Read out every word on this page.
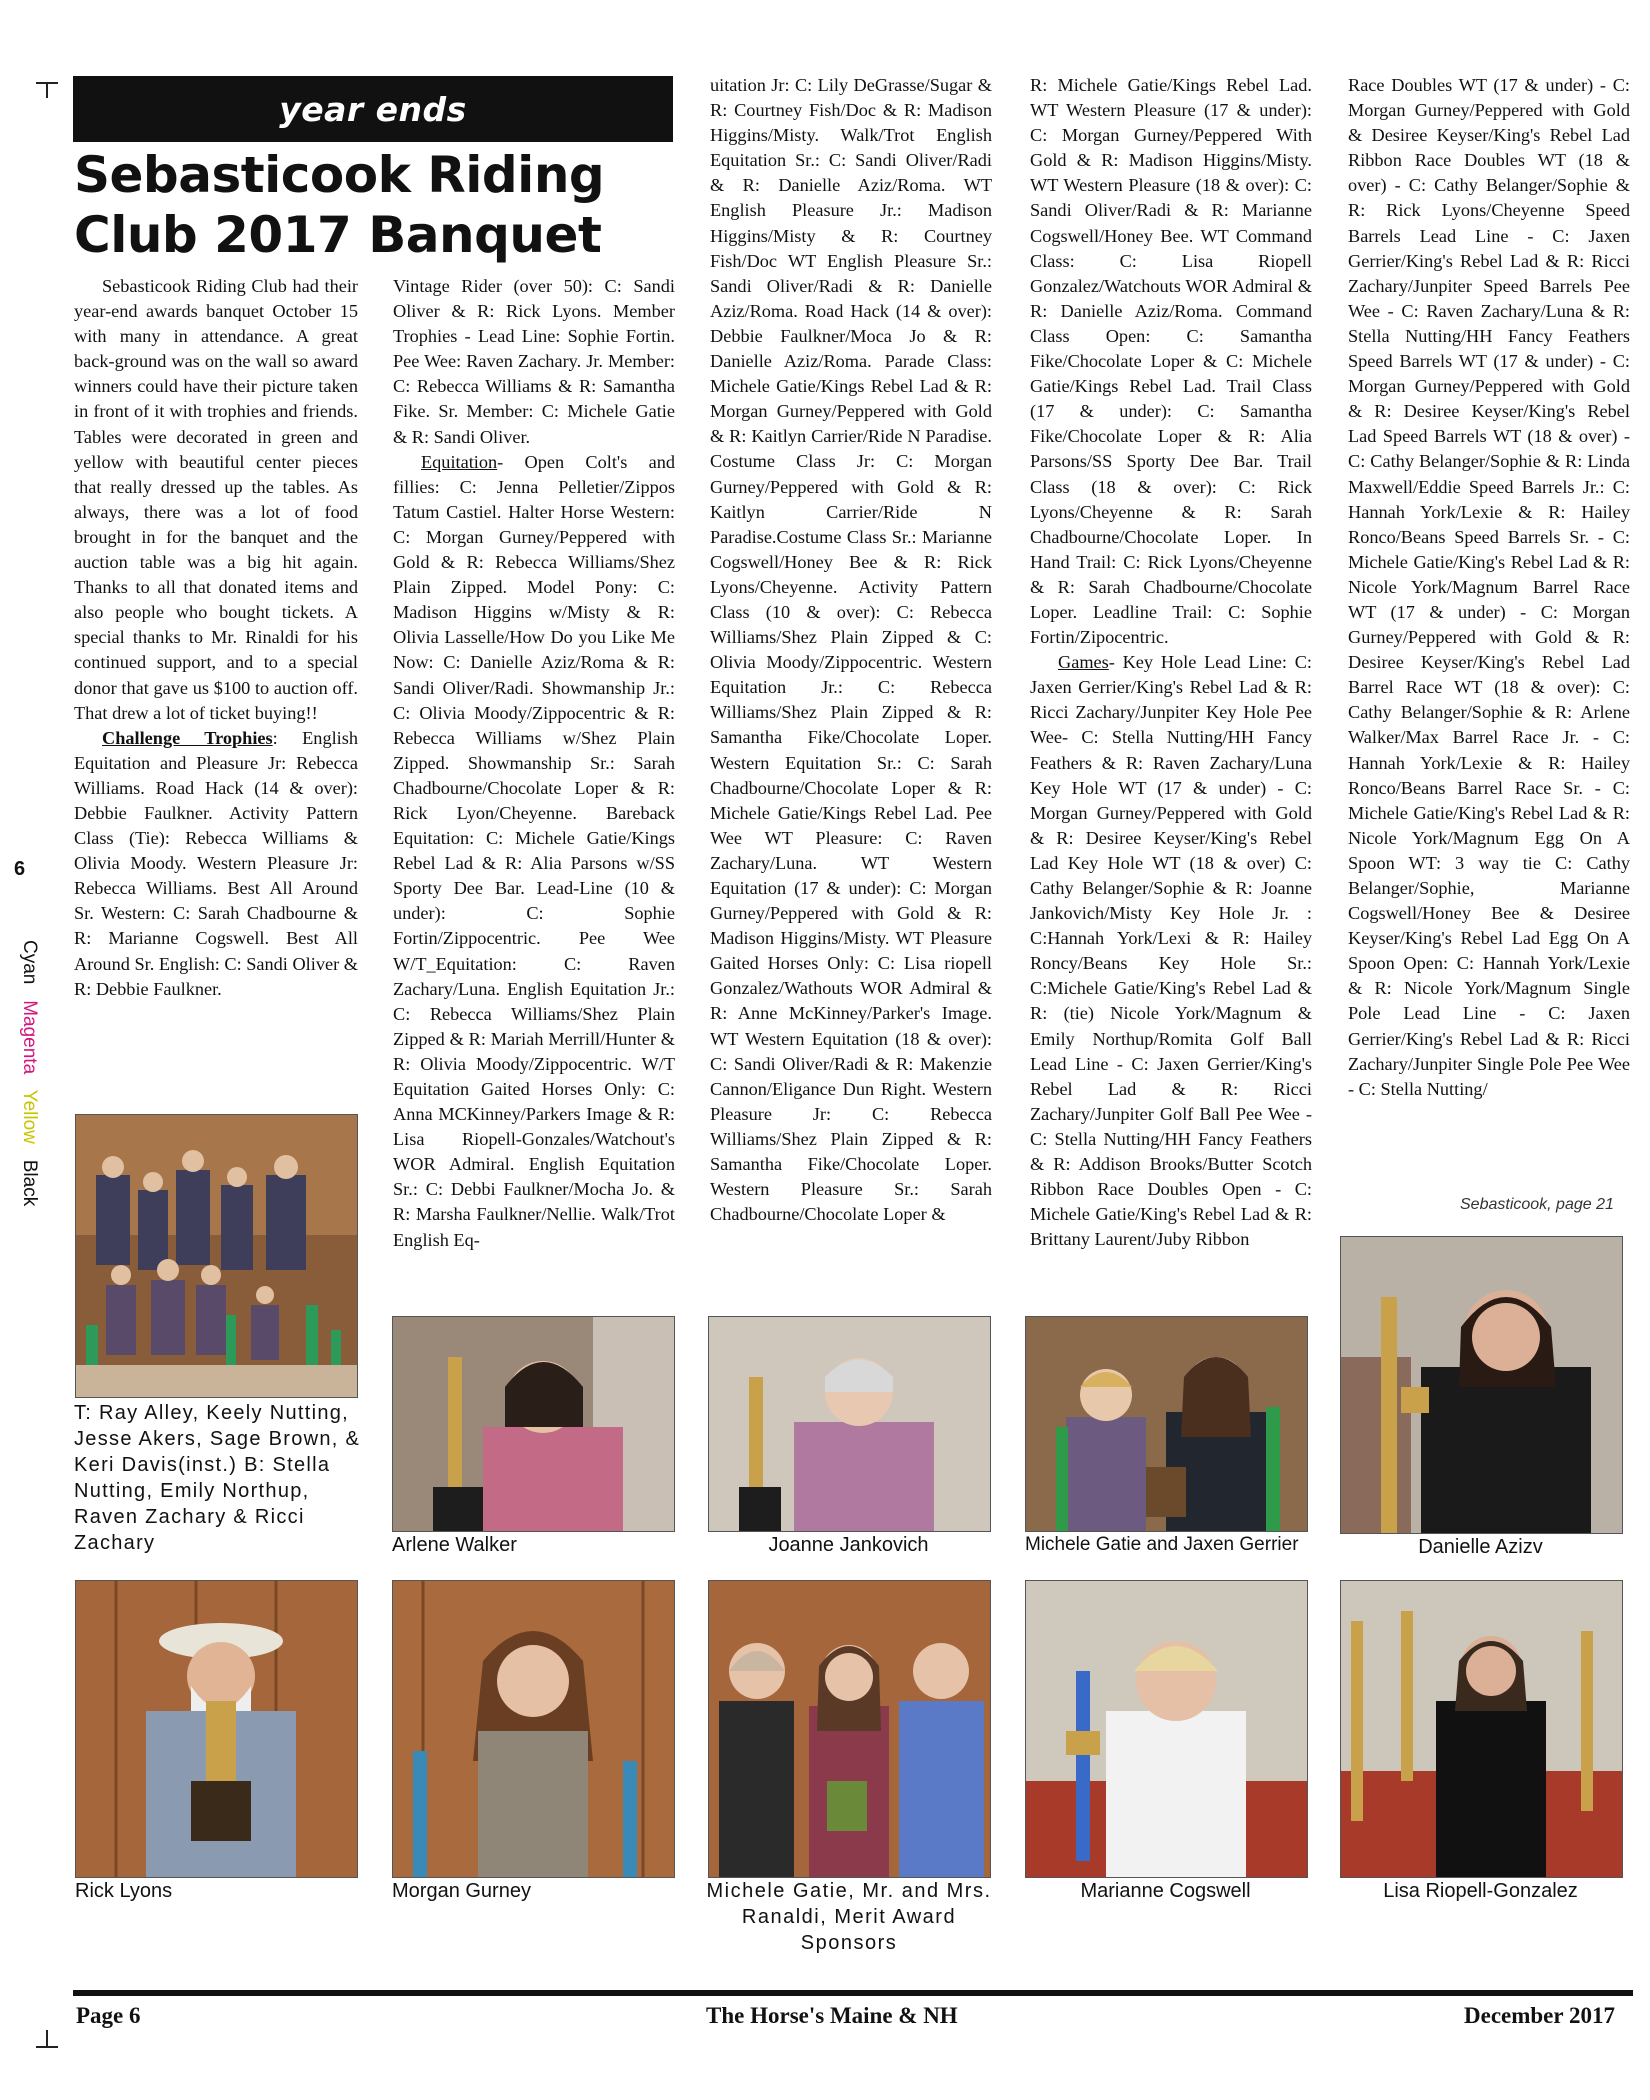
6
Cyan   Magenta   Yellow   Black
year ends
Sebasticook Riding Club 2017 Banquet

Sebasticook Riding Club had their year-end awards banquet October 15 with many in attendance. A great back-ground was on the wall so award winners could have their picture taken in front of it with trophies and friends. Tables were decorated in green and yellow with beautiful center pieces that really dressed up the tables. As always, there was a lot of food brought in for the banquet and the auction table was a big hit again. Thanks to all that donated items and also people who bought tickets. A special thanks to Mr. Rinaldi for his continued support, and to a special donor that gave us $100 to auction off. That drew a lot of ticket buying!!

Challenge Trophies: English Equitation and Pleasure Jr: Rebecca Williams. Road Hack (14 & over): Debbie Faulkner. Activity Pattern Class (Tie): Rebecca Williams & Olivia Moody. Western Pleasure Jr: Rebecca Williams. Best All Around Sr. Western: C: Sarah Chadbourne & R: Marianne Cogswell. Best All Around Sr. English: C: Sandi Oliver & R: Debbie Faulkner.

Vintage Rider (over 50): C: Sandi Oliver & R: Rick Lyons. Member Trophies - Lead Line: Sophie Fortin. Pee Wee: Raven Zachary. Jr. Member: C: Rebecca Williams & R: Samantha Fike. Sr. Member: C: Michele Gatie & R: Sandi Oliver.

Equitation- Open Colt's and fillies: C: Jenna Pelletier/Zippos Tatum Castiel. Halter Horse Western: C: Morgan Gurney/Peppered with Gold & R: Rebecca Williams/Shez Plain Zipped. Model Pony: C: Madison Higgins w/Misty & R: Olivia Lasselle/How Do you Like Me Now: C: Danielle Aziz/Roma & R: Sandi Oliver/Radi. Showmanship Jr.: C: Olivia Moody/Zippocentric & R: Rebecca Williams w/Shez Plain Zipped. Showmanship Sr.: Sarah Chadbourne/Chocolate Loper & R: Rick Lyon/Cheyenne. Bareback Equitation: C: Michele Gatie/Kings Rebel Lad & R: Alia Parsons w/SS Sporty Dee Bar. Lead-Line (10 & under): C: Sophie Fortin/Zippocentric. Pee Wee W/T_Equitation: C: Raven Zachary/Luna. English Equitation Jr.: C: Rebecca Williams/Shez Plain Zipped & R: Mariah Merrill/Hunter & R: Olivia Moody/Zippocentric. W/T Equitation Gaited Horses Only: C: Anna MCKinney/Parkers Image & R: Lisa Riopell-Gonzales/Watchout's WOR Admiral. English Equitation Sr.: C: Debbi Faulkner/Mocha Jo. & R: Marsha Faulkner/Nellie. Walk/Trot English Eq-

uitation Jr: C: Lily DeGrasse/Sugar & R: Courtney Fish/Doc & R: Madison Higgins/Misty. Walk/Trot English Equitation Sr.: C: Sandi Oliver/Radi & R: Danielle Aziz/Roma. WT English Pleasure Jr.: Madison Higgins/Misty & R: Courtney Fish/Doc WT English Pleasure Sr.: Sandi Oliver/Radi & R: Danielle Aziz/Roma. Road Hack (14 & over): Debbie Faulkner/Moca Jo & R: Danielle Aziz/Roma. Parade Class: Michele Gatie/Kings Rebel Lad & R: Morgan Gurney/Peppered with Gold & R: Kaitlyn Carrier/Ride N Paradise. Costume Class Jr: C: Morgan Gurney/Peppered with Gold & R: Kaitlyn Carrier/Ride N Paradise.Costume Class Sr.: Marianne Cogswell/Honey Bee & R: Rick Lyons/Cheyenne. Activity Pattern Class (10 & over): C: Rebecca Williams/Shez Plain Zipped & C: Olivia Moody/Zippocentric. Western Equitation Jr.: C: Rebecca Williams/Shez Plain Zipped & R: Samantha Fike/Chocolate Loper. Western Equitation Sr.: C: Sarah Chadbourne/Chocolate Loper & R: Michele Gatie/Kings Rebel Lad. Pee Wee WT Pleasure: C: Raven Zachary/Luna. WT Western Equitation (17 & under): C: Morgan Gurney/Peppered with Gold & R: Madison Higgins/Misty. WT Pleasure Gaited Horses Only: C: Lisa riopell Gonzalez/Wathouts WOR Admiral & R: Anne McKinney/Parker's Image. WT Western Equitation (18 & over): C: Sandi Oliver/Radi & R: Makenzie Cannon/Eligance Dun Right. Western Pleasure Jr: C: Rebecca Williams/Shez Plain Zipped & R: Samantha Fike/Chocolate Loper. Western Pleasure Sr.: Sarah Chadbourne/Chocolate Loper &

R: Michele Gatie/Kings Rebel Lad. WT Western Pleasure (17 & under): C: Morgan Gurney/Peppered With Gold & R: Madison Higgins/Misty. WT Western Pleasure (18 & over): C: Sandi Oliver/Radi & R: Marianne Cogswell/Honey Bee. WT Command Class: C: Lisa Riopell Gonzalez/Watchouts WOR Admiral & R: Danielle Aziz/Roma. Command Class Open: C: Samantha Fike/Chocolate Loper & C: Michele Gatie/Kings Rebel Lad. Trail Class (17 & under): C: Samantha Fike/Chocolate Loper & R: Alia Parsons/SS Sporty Dee Bar. Trail Class (18 & over): C: Rick Lyons/Cheyenne & R: Sarah Chadbourne/Chocolate Loper. In Hand Trail: C: Rick Lyons/Cheyenne & R: Sarah Chadbourne/Chocolate Loper. Leadline Trail: C: Sophie Fortin/Zipocentric.

Games- Key Hole Lead Line: C: Jaxen Gerrier/King's Rebel Lad & R: Ricci Zachary/Junpiter Key Hole Pee Wee- C: Stella Nutting/HH Fancy Feathers & R: Raven Zachary/Luna Key Hole WT (17 & under) - C: Morgan Gurney/Peppered with Gold & R: Desiree Keyser/King's Rebel Lad Key Hole WT (18 & over) C: Cathy Belanger/Sophie & R: Joanne Jankovich/Misty Key Hole Jr. : C:Hannah York/Lexi & R: Hailey Roncy/Beans Key Hole Sr.: C:Michele Gatie/King's Rebel Lad & R: (tie) Nicole York/Magnum & Emily Northup/Romita Golf Ball Lead Line - C: Jaxen Gerrier/King's Rebel Lad & R: Ricci Zachary/Junpiter Golf Ball Pee Wee - C: Stella Nutting/HH Fancy Feathers & R: Addison Brooks/Butter Scotch Ribbon Race Doubles Open - C: Michele Gatie/King's Rebel Lad & R: Brittany Laurent/Juby Ribbon

Race Doubles WT (17 & under) - C: Morgan Gurney/Peppered with Gold & Desiree Keyser/King's Rebel Lad Ribbon Race Doubles WT (18 & over) - C: Cathy Belanger/Sophie & R: Rick Lyons/Cheyenne Speed Barrels Lead Line - C: Jaxen Gerrier/King's Rebel Lad & R: Ricci Zachary/Junpiter Speed Barrels Pee Wee - C: Raven Zachary/Luna & R: Stella Nutting/HH Fancy Feathers Speed Barrels WT (17 & under) - C: Morgan Gurney/Peppered with Gold & R: Desiree Keyser/King's Rebel Lad Speed Barrels WT (18 & over) - C: Cathy Belanger/Sophie & R: Linda Maxwell/Eddie Speed Barrels Jr.: C: Hannah York/Lexie & R: Hailey Ronco/Beans Speed Barrels Sr. - C: Michele Gatie/King's Rebel Lad & R: Nicole York/Magnum Barrel Race WT (17 & under) - C: Morgan Gurney/Peppered with Gold & R: Desiree Keyser/King's Rebel Lad Barrel Race WT (18 & over): C: Cathy Belanger/Sophie & R: Arlene Walker/Max Barrel Race Jr. - C: Hannah York/Lexie & R: Hailey Ronco/Beans Barrel Race Sr. - C: Michele Gatie/King's Rebel Lad & R: Nicole York/Magnum Egg On A Spoon WT: 3 way tie C: Cathy Belanger/Sophie, Marianne Cogswell/Honey Bee & Desiree Keyser/King's Rebel Lad Egg On A Spoon Open: C: Hannah York/Lexie & R: Nicole York/Magnum Single Pole Lead Line - C: Jaxen Gerrier/King's Rebel Lad & R: Ricci Zachary/Junpiter Single Pole Pee Wee - C: Stella Nutting/

Sebasticook, page 21
T: Ray Alley, Keely Nutting, Jesse Akers, Sage Brown, & Keri Davis(inst.) B: Stella Nutting, Emily Northup, Raven Zachary & Ricci Zachary	Arlene Walker	Joanne Jankovich	Michele Gatie and Jaxen Gerrier	Danielle Azizv
Rick Lyons	Morgan Gurney	Michele Gatie, Mr. and Mrs. Ranaldi, Merit Award Sponsors
Marianne Cogswell	Lisa Riopell-Gonzalez
Page 6	The Horse's Maine & NH	December 2017
